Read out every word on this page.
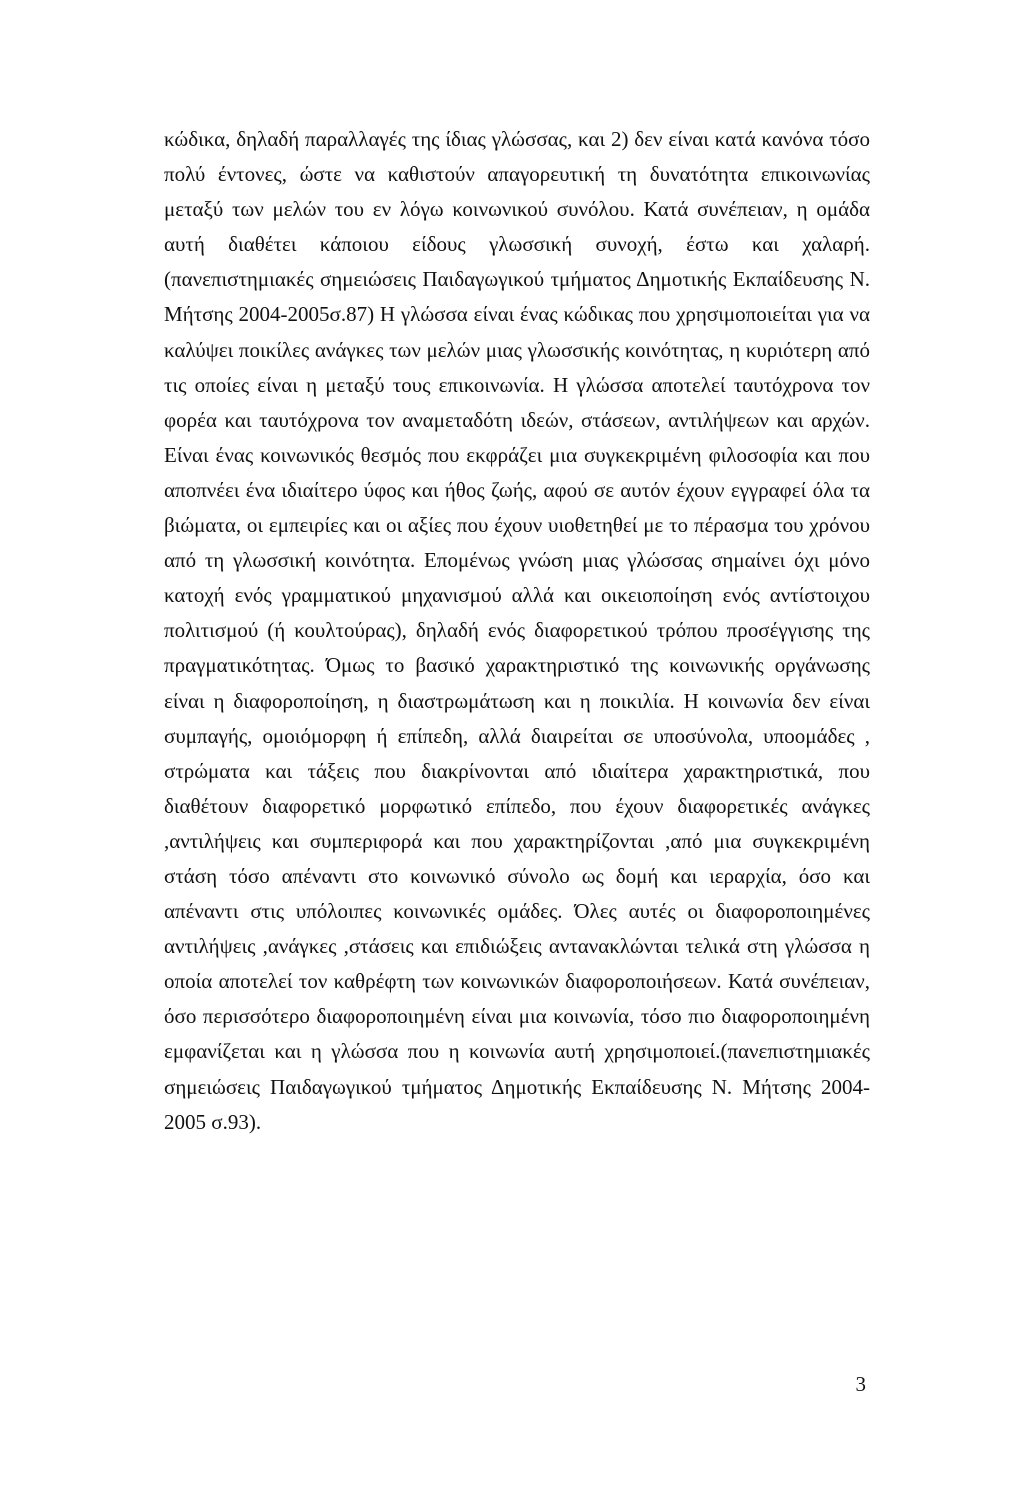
κώδικα, δηλαδή παραλλαγές της ίδιας γλώσσας, και 2) δεν είναι κατά κανόνα τόσο πολύ έντονες, ώστε να καθιστούν απαγορευτική τη δυνατότητα επικοινωνίας μεταξύ των μελών του εν λόγω κοινωνικού συνόλου. Κατά συνέπειαν, η ομάδα αυτή διαθέτει κάποιου είδους γλωσσική συνοχή, έστω και χαλαρή.(πανεπιστημιακές σημειώσεις Παιδαγωγικού τμήματος Δημοτικής Εκπαίδευσης Ν. Μήτσης 2004-2005σ.87) Η γλώσσα είναι ένας κώδικας που χρησιμοποιείται για να καλύψει ποικίλες ανάγκες των μελών μιας γλωσσικής κοινότητας, η κυριότερη από τις οποίες είναι η μεταξύ τους επικοινωνία. Η γλώσσα αποτελεί ταυτόχρονα τον φορέα και ταυτόχρονα τον αναμεταδότη ιδεών, στάσεων, αντιλήψεων και αρχών. Είναι ένας κοινωνικός θεσμός που εκφράζει μια συγκεκριμένη φιλοσοφία και που αποπνέει ένα ιδιαίτερο ύφος και ήθος ζωής, αφού σε αυτόν έχουν εγγραφεί όλα τα βιώματα, οι εμπειρίες και οι αξίες που έχουν υιοθετηθεί με το πέρασμα του χρόνου από τη γλωσσική κοινότητα. Επομένως γνώση μιας γλώσσας σημαίνει όχι μόνο κατοχή ενός γραμματικού μηχανισμού αλλά και οικειοποίηση ενός αντίστοιχου πολιτισμού (ή κουλτούρας), δηλαδή ενός διαφορετικού τρόπου προσέγγισης της πραγματικότητας. Όμως το βασικό χαρακτηριστικό της κοινωνικής οργάνωσης είναι η διαφοροποίηση, η διαστρωμάτωση και η ποικιλία. Η κοινωνία δεν είναι συμπαγής, ομοιόμορφη ή επίπεδη, αλλά διαιρείται σε υποσύνολα, υποομάδες , στρώματα και τάξεις που διακρίνονται από ιδιαίτερα χαρακτηριστικά, που διαθέτουν διαφορετικό μορφωτικό επίπεδο, που έχουν διαφορετικές ανάγκες ,αντιλήψεις και συμπεριφορά και που χαρακτηρίζονται ,από μια συγκεκριμένη στάση τόσο απέναντι στο κοινωνικό σύνολο ως δομή και ιεραρχία, όσο και απέναντι στις υπόλοιπες κοινωνικές ομάδες. Όλες αυτές οι διαφοροποιημένες αντιλήψεις ,ανάγκες ,στάσεις και επιδιώξεις αντανακλώνται τελικά στη γλώσσα η οποία αποτελεί τον καθρέφτη των κοινωνικών διαφοροποιήσεων. Κατά συνέπειαν, όσο περισσότερο διαφοροποιημένη είναι μια κοινωνία, τόσο πιο διαφοροποιημένη εμφανίζεται και η γλώσσα που η κοινωνία αυτή χρησιμοποιεί.(πανεπιστημιακές σημειώσεις Παιδαγωγικού τμήματος Δημοτικής Εκπαίδευσης Ν. Μήτσης 2004-2005 σ.93).

3
